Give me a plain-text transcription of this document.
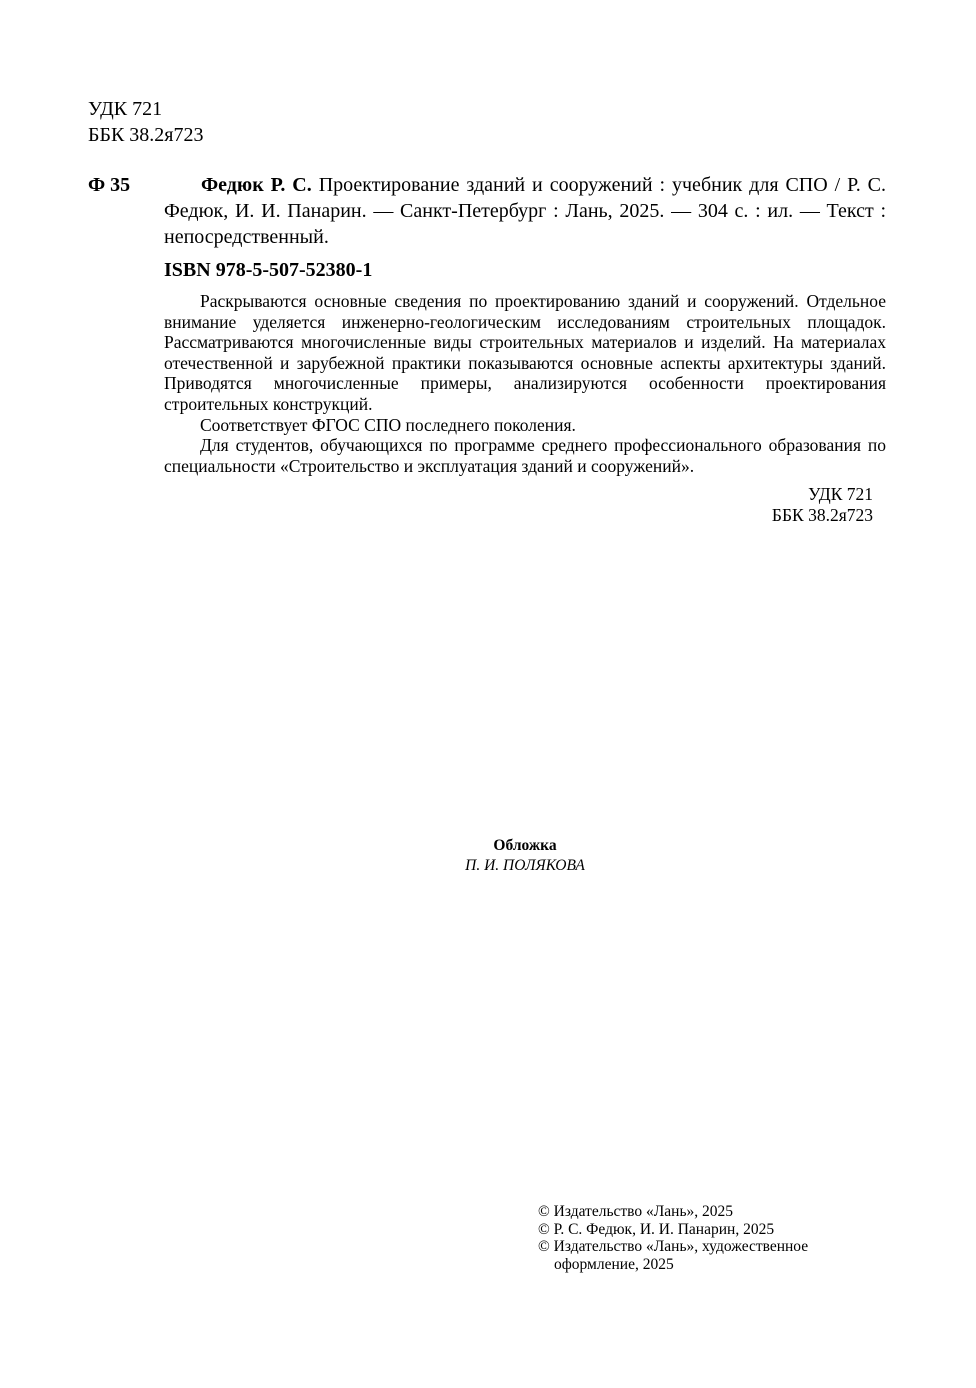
УДК 721
ББК 38.2я723
Ф 35	Федюк Р. С. Проектирование зданий и сооружений : учебник для СПО / Р. С. Федюк, И. И. Панарин. — Санкт-Петербург : Лань, 2025. — 304 с. : ил. — Текст : непосредственный.
ISBN 978-5-507-52380-1

Раскрываются основные сведения по проектированию зданий и сооружений. Отдельное внимание уделяется инженерно-геологическим исследованиям строительных площадок. Рассматриваются многочисленные виды строительных материалов и изделий. На материалах отечественной и зарубежной практики показываются основные аспекты архитектуры зданий. Приводятся многочисленные примеры, анализируются особенности проектирования строительных конструкций.

Соответствует ФГОС СПО последнего поколения.

Для студентов, обучающихся по программе среднего профессионального образования по специальности «Строительство и эксплуатация зданий и сооружений».

УДК 721
ББК 38.2я723
Обложка
П. И. ПОЛЯКОВА
© Издательство «Лань», 2025
© Р. С. Федюк, И. И. Панарин, 2025
© Издательство «Лань», художественное
оформление, 2025
